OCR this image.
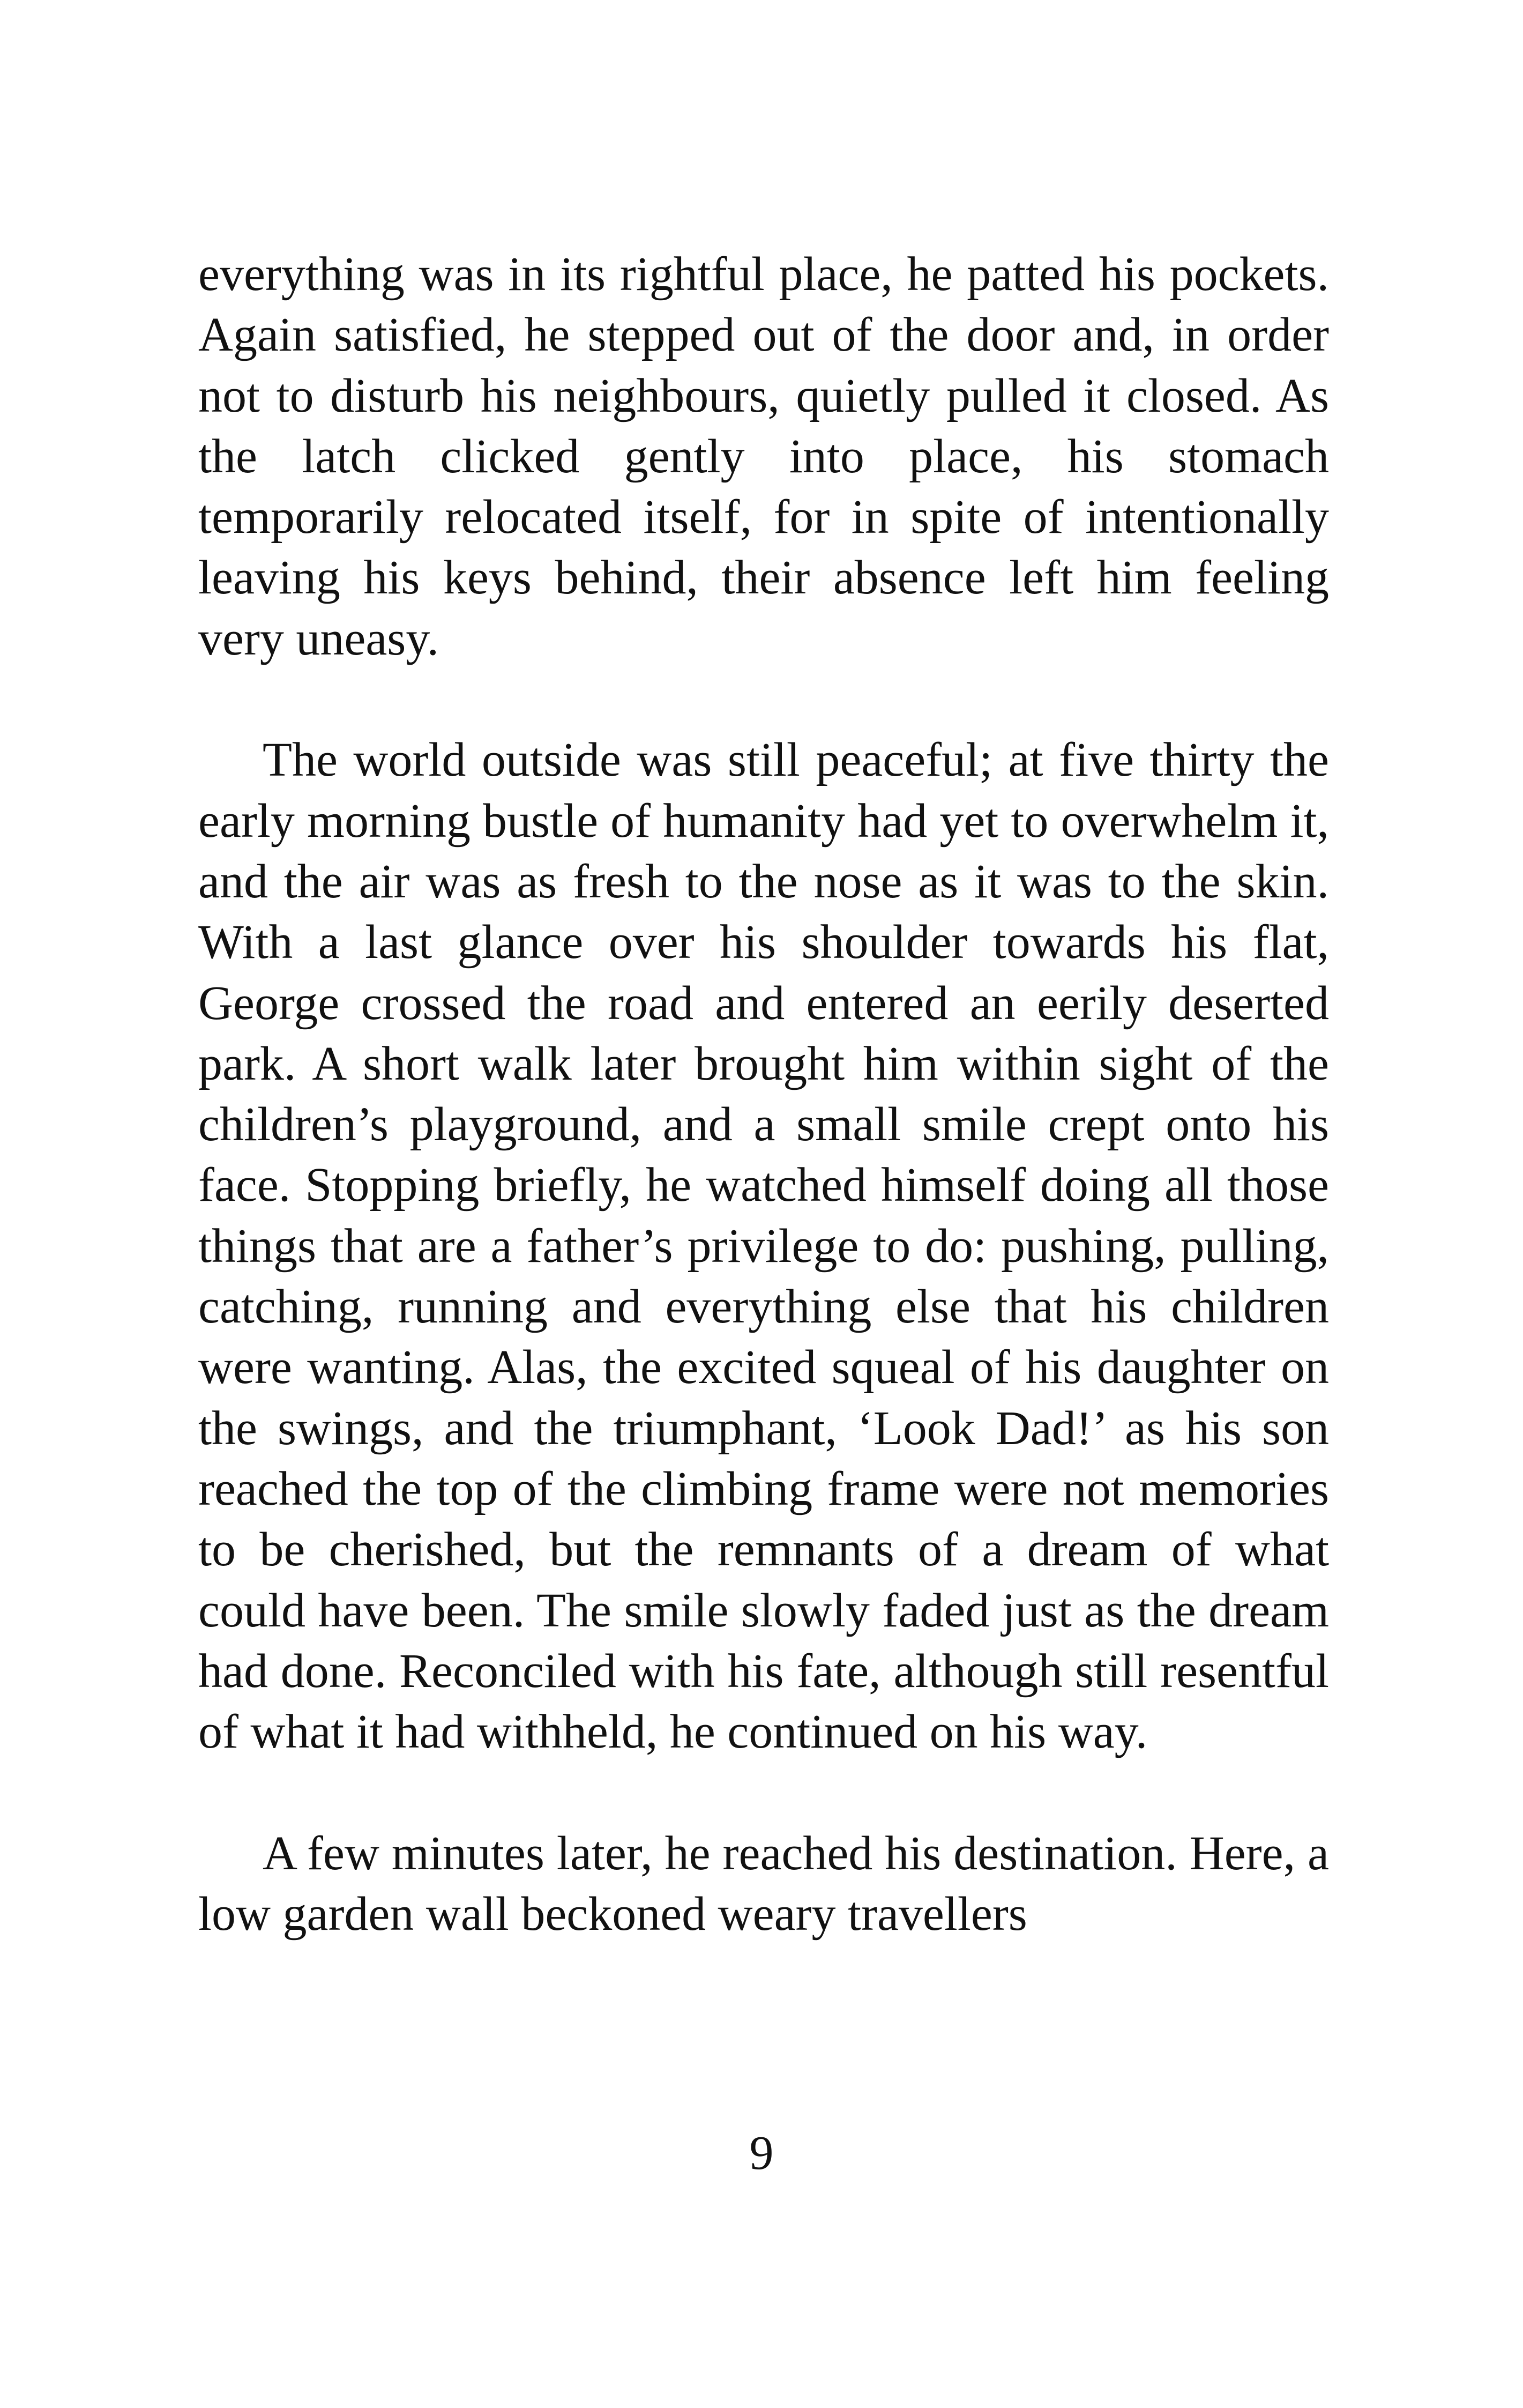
everything was in its rightful place, he patted his pockets. Again satisfied, he stepped out of the door and, in order not to disturb his neighbours, quietly pulled it closed. As the latch clicked gently into place, his stomach temporarily relocated itself, for in spite of intentionally leaving his keys behind, their absence left him feeling very uneasy.

The world outside was still peaceful; at five thirty the early morning bustle of humanity had yet to overwhelm it, and the air was as fresh to the nose as it was to the skin. With a last glance over his shoulder towards his flat, George crossed the road and entered an eerily deserted park. A short walk later brought him within sight of the children’s playground, and a small smile crept onto his face. Stopping briefly, he watched himself doing all those things that are a father’s privilege to do: pushing, pulling, catching, running and everything else that his children were wanting. Alas, the excited squeal of his daughter on the swings, and the triumphant, ‘Look Dad!’ as his son reached the top of the climbing frame were not memories to be cherished, but the remnants of a dream of what could have been. The smile slowly faded just as the dream had done. Reconciled with his fate, although still resentful of what it had withheld, he continued on his way.

A few minutes later, he reached his destination. Here, a low garden wall beckoned weary travellers

9
